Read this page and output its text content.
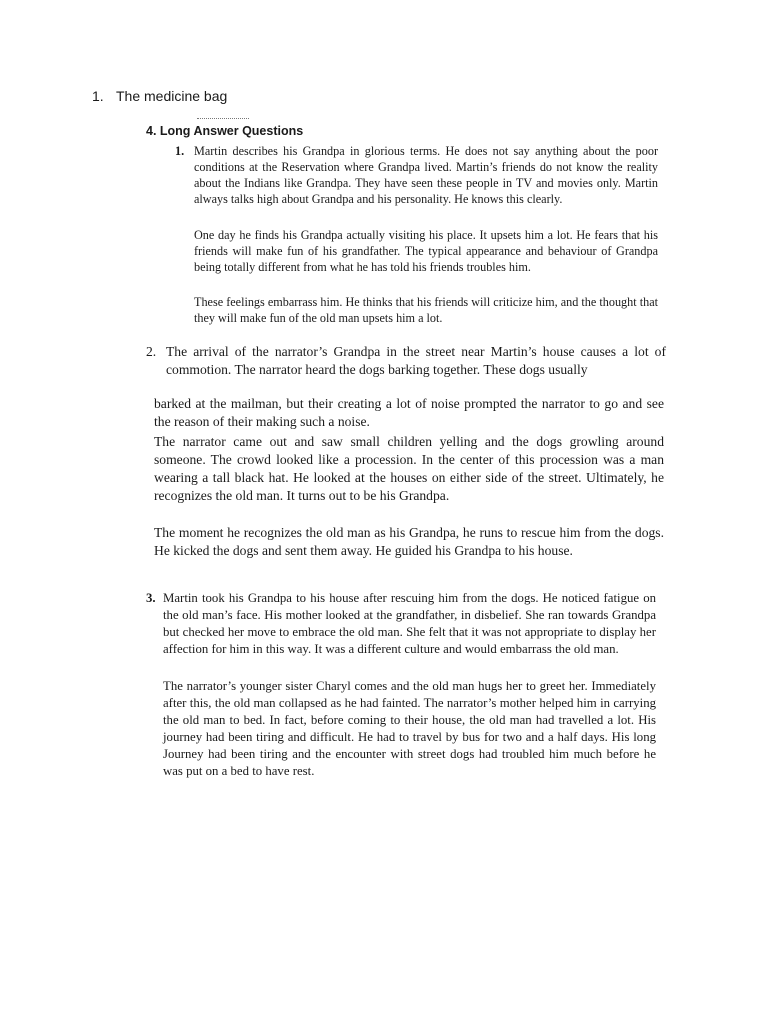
1. The medicine bag
4. Long Answer Questions
1. Martin describes his Grandpa in glorious terms. He does not say anything about the poor conditions at the Reservation where Grandpa lived. Martin’s friends do not know the reality about the Indians like Grandpa. They have seen these people in TV and movies only. Martin always talks high about Grandpa and his personality. He knows this clearly.
One day he finds his Grandpa actually visiting his place. It upsets him a lot. He fears that his friends will make fun of his grandfather. The typical appearance and behaviour of Grandpa being totally different from what he has told his friends troubles him.
These feelings embarrass him. He thinks that his friends will criticize him, and the thought that they will make fun of the old man upsets him a lot.
2. The arrival of the narrator’s Grandpa in the street near Martin’s house causes a lot of commotion. The narrator heard the dogs barking together. These dogs usually
barked at the mailman, but their creating a lot of noise prompted the narrator to go and see the reason of their making such a noise.
The narrator came out and saw small children yelling and the dogs growling around someone. The crowd looked like a procession. In the center of this procession was a man wearing a tall black hat. He looked at the houses on either side of the street. Ultimately, he recognizes the old man. It turns out to be his Grandpa.
The moment he recognizes the old man as his Grandpa, he runs to rescue him from the dogs. He kicked the dogs and sent them away. He guided his Grandpa to his house.
3. Martin took his Grandpa to his house after rescuing him from the dogs. He noticed fatigue on the old man’s face. His mother looked at the grandfather, in disbelief. She ran towards Grandpa but checked her move to embrace the old man. She felt that it was not appropriate to display her affection for him in this way. It was a different culture and would embarrass the old man.
The narrator’s younger sister Charyl comes and the old man hugs her to greet her. Immediately after this, the old man collapsed as he had fainted. The narrator’s mother helped him in carrying the old man to bed. In fact, before coming to their house, the old man had travelled a lot. His journey had been tiring and difficult. He had to travel by bus for two and a half days. His long Journey had been tiring and the encounter with street dogs had troubled him much before he was put on a bed to have rest.
